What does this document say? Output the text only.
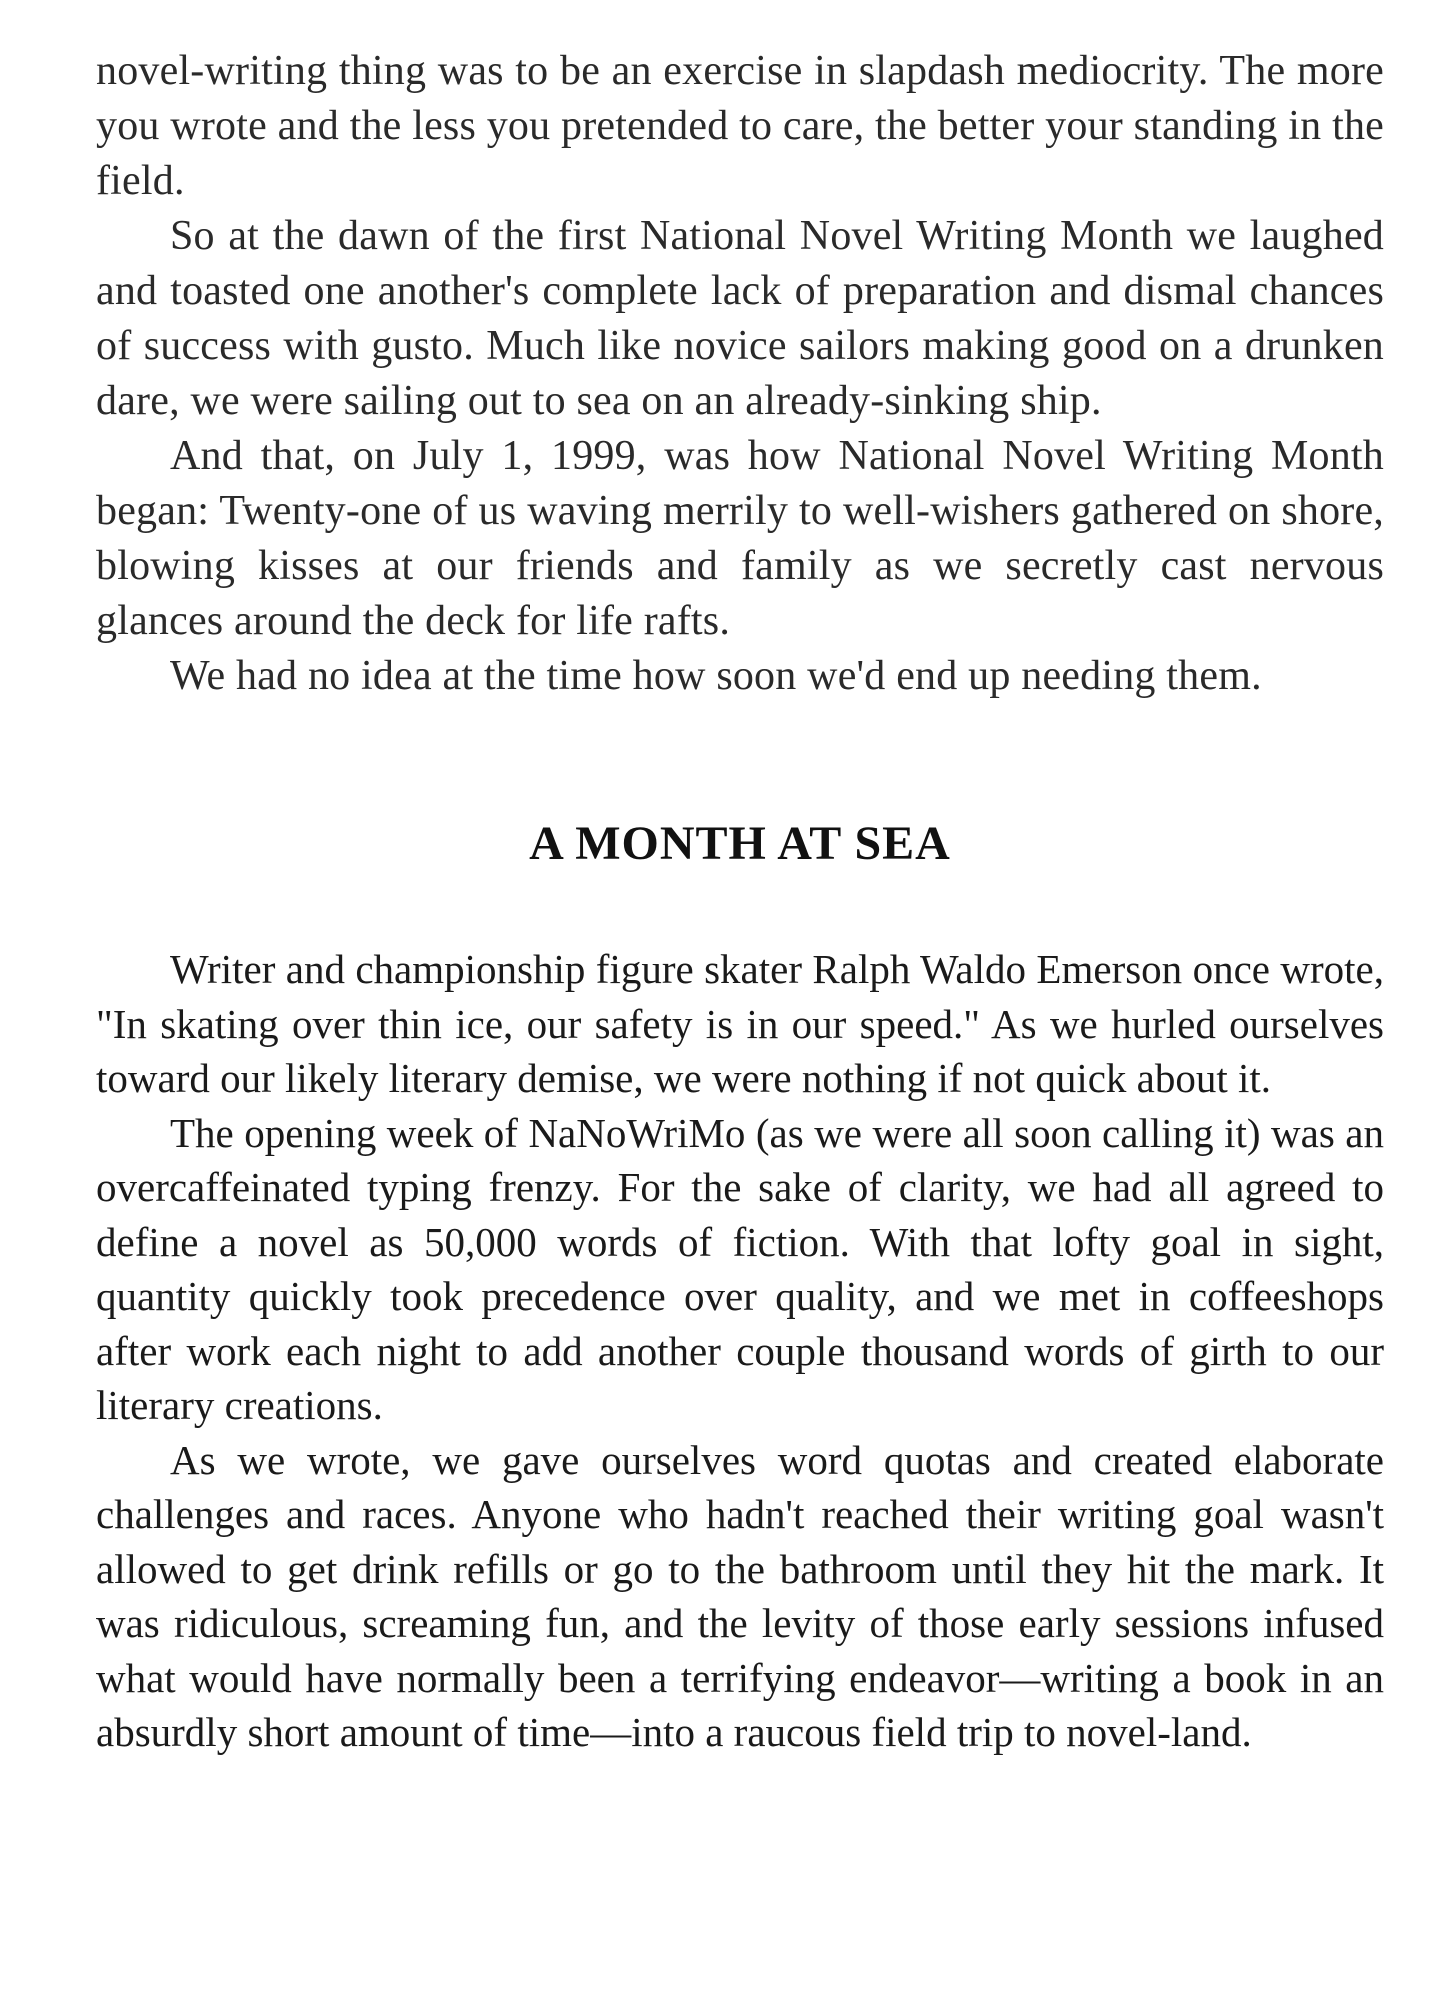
novel-writing thing was to be an exercise in slapdash mediocrity. The more you wrote and the less you pretended to care, the better your standing in the field.

So at the dawn of the first National Novel Writing Month we laughed and toasted one another's complete lack of preparation and dismal chances of success with gusto. Much like novice sailors making good on a drunken dare, we were sailing out to sea on an already-sinking ship.

And that, on July 1, 1999, was how National Novel Writing Month began: Twenty-one of us waving merrily to well-wishers gathered on shore, blowing kisses at our friends and family as we secretly cast nervous glances around the deck for life rafts.

We had no idea at the time how soon we'd end up needing them.

A MONTH AT SEA

Writer and championship figure skater Ralph Waldo Emerson once wrote, "In skating over thin ice, our safety is in our speed." As we hurled ourselves toward our likely literary demise, we were nothing if not quick about it.

The opening week of NaNoWriMo (as we were all soon calling it) was an overcaffeinated typing frenzy. For the sake of clarity, we had all agreed to define a novel as 50,000 words of fiction. With that lofty goal in sight, quantity quickly took precedence over quality, and we met in coffeeshops after work each night to add another couple thousand words of girth to our literary creations.

As we wrote, we gave ourselves word quotas and created elaborate challenges and races. Anyone who hadn't reached their writing goal wasn't allowed to get drink refills or go to the bathroom until they hit the mark. It was ridiculous, screaming fun, and the levity of those early sessions infused what would have normally been a terrifying endeavor—writing a book in an absurdly short amount of time—into a raucous field trip to novel-land.
